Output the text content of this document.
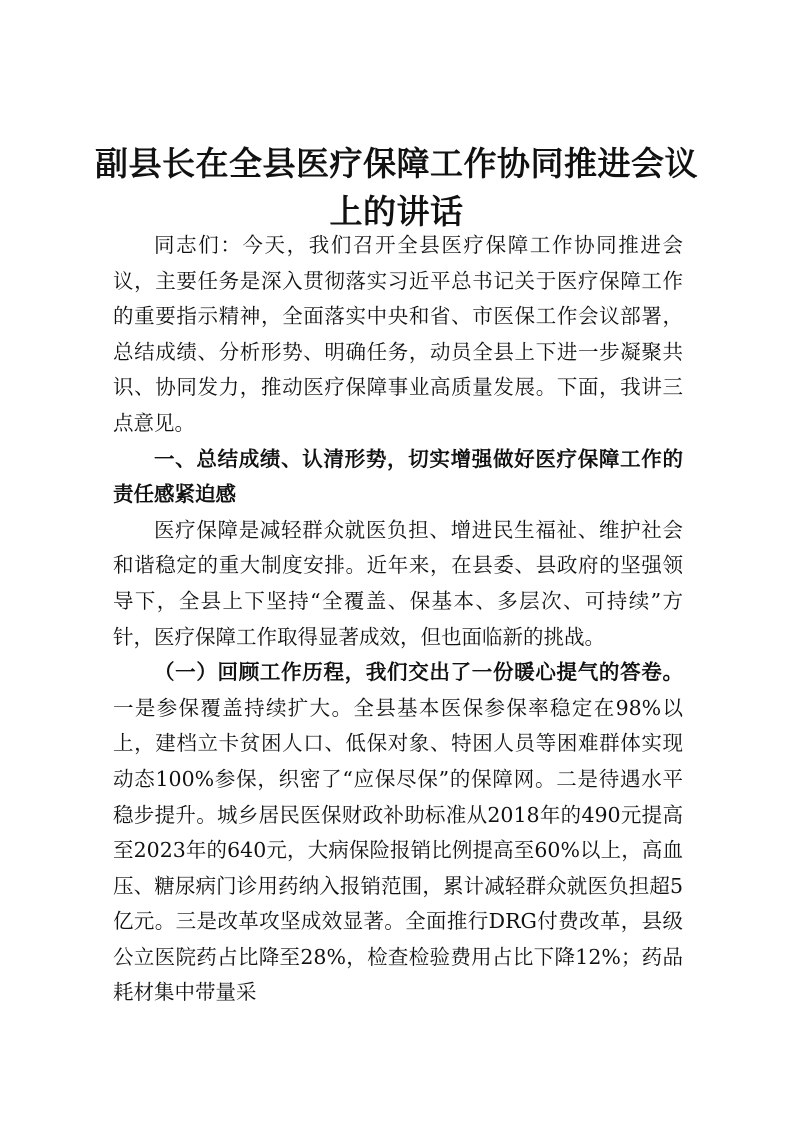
副县长在全县医疗保障工作协同推进会议上的讲话

同志们：今天，我们召开全县医疗保障工作协同推进会议，主要任务是深入贯彻落实习近平总书记关于医疗保障工作的重要指示精神，全面落实中央和省、市医保工作会议部署，总结成绩、分析形势、明确任务，动员全县上下进一步凝聚共识、协同发力，推动医疗保障事业高质量发展。下面，我讲三点意见。

一、总结成绩、认清形势，切实增强做好医疗保障工作的责任感紧迫感

医疗保障是减轻群众就医负担、增进民生福祉、维护社会和谐稳定的重大制度安排。近年来，在县委、县政府的坚强领导下，全县上下坚持“全覆盖、保基本、多层次、可持续”方针，医疗保障工作取得显著成效，但也面临新的挑战。

（一）回顾工作历程，我们交出了一份暖心提气的答卷。一是参保覆盖持续扩大。全县基本医保参保率稳定在98%以上，建档立卡贫困人口、低保对象、特困人员等困难群体实现动态100%参保，织密了“应保尽保”的保障网。二是待遇水平稳步提升。城乡居民医保财政补助标准从2018年的490元提高至2023年的640元，大病保险报销比例提高至60%以上，高血压、糖尿病门诊用药纳入报销范围，累计减轻群众就医负担超5亿元。三是改革攻坚成效显著。全面推行DRG付费改革，县级公立医院药占比降至28%，检查检验费用占比下降12%；药品耗材集中带量采
